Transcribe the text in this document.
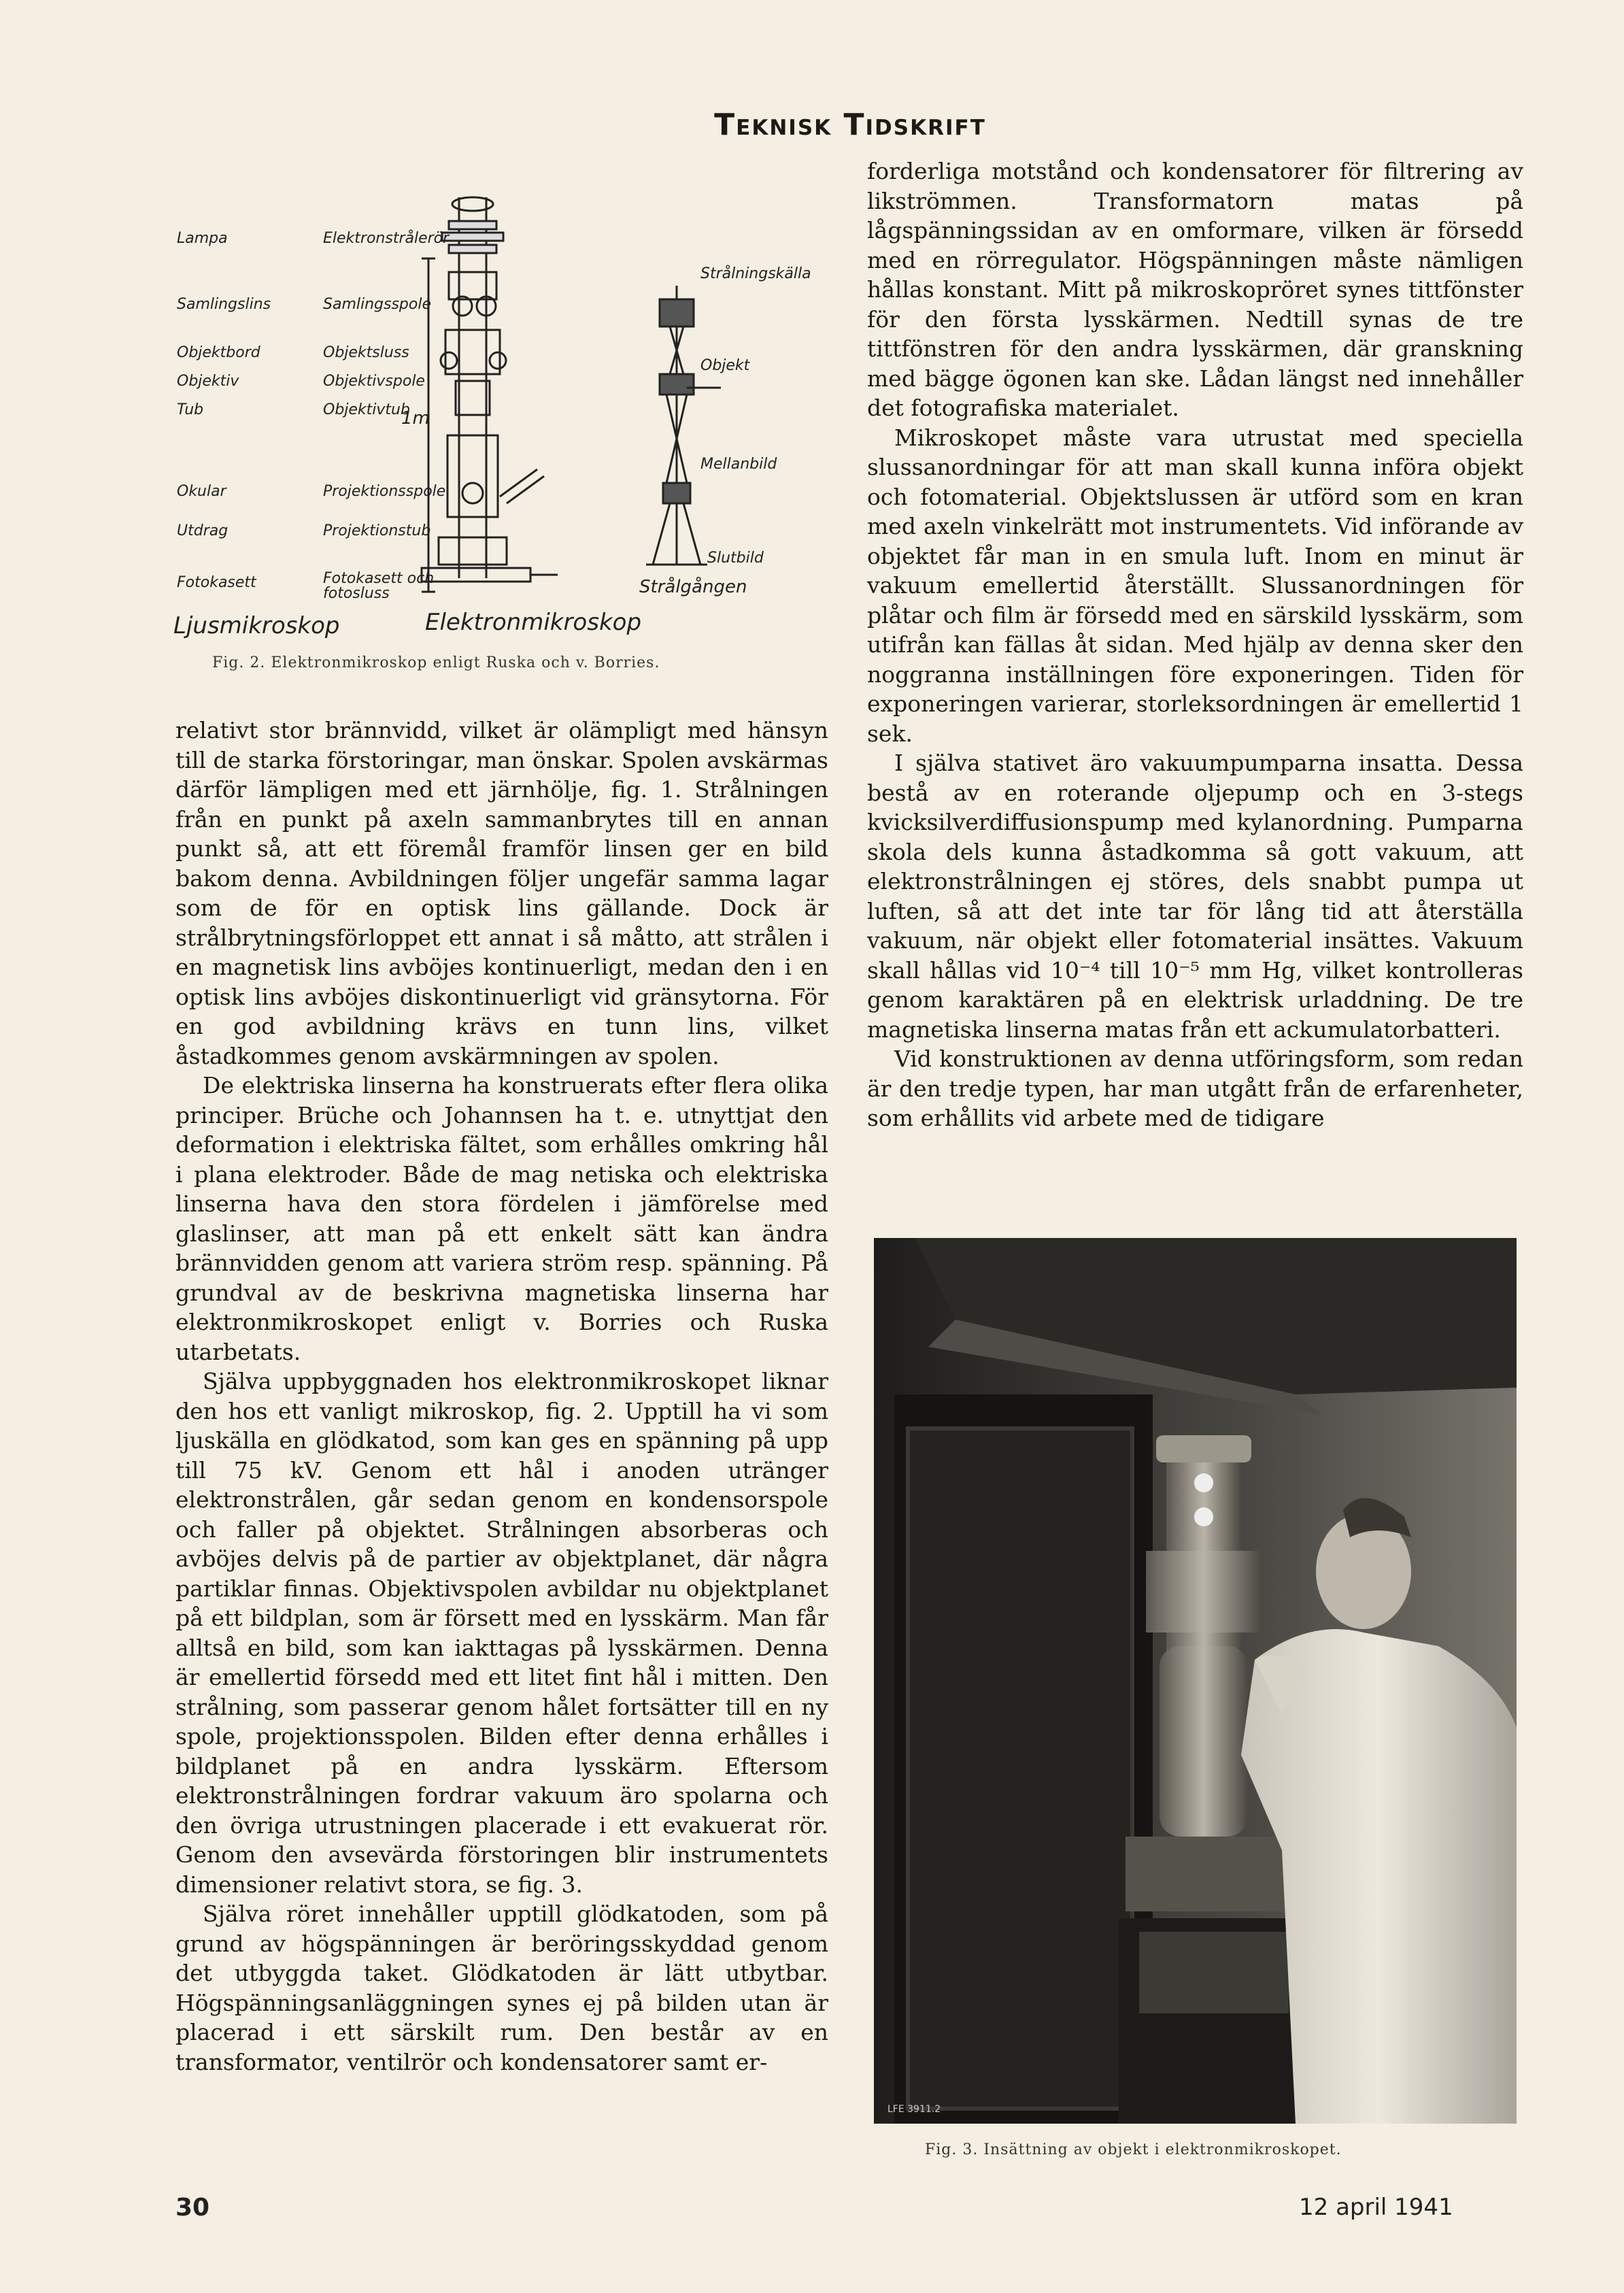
Teknisk Tidskrift
Lampa
Samlingslins
Objektbord
Objektiv
Tub
Okular
Utdrag
Fotokasett
Elektronstrålerör
Samlingsspole
Objektsluss
Objektivspole
Objektivtub
Projektionsspole
Projektionstub
Fotokasett och
fotosluss
1m
Strålningskälla
Objekt
Mellanbild
Slutbild
Strålgången
Ljusmikroskop	Elektronmikroskop
Fig. 2. Elektronmikroskop enligt Ruska och v. Borries.

relativt stor brännvidd, vilket är olämpligt med hänsyn till de starka förstoringar, man önskar. Spolen avskärmas därför lämpligen med ett järnhölje, fig. 1. Strålningen från en punkt på axeln sammanbrytes till en annan punkt så, att ett föremål framför linsen ger en bild bakom denna. Avbildningen följer ungefär samma lagar som de för en optisk lins gällande. Dock är strålbrytningsförloppet ett annat i så måtto, att strålen i en magnetisk lins avböjes kontinuerligt, medan den i en optisk lins avböjes diskontinuerligt vid gränsytorna. För en god avbildning krävs en tunn lins, vilket åstadkommes genom avskärmningen av spolen.

De elektriska linserna ha konstruerats efter flera olika principer. Brüche och Johannsen ha t. e. utnyttjat den deformation i elektriska fältet, som erhålles omkring hål i plana elektroder. Både de mag netiska och elektriska linserna hava den stora fördelen i jämförelse med glaslinser, att man på ett enkelt sätt kan ändra brännvidden genom att variera ström resp. spänning. På grundval av de beskrivna magnetiska linserna har elektronmikroskopet enligt v. Borries och Ruska utarbetats.

Själva uppbyggnaden hos elektronmikroskopet liknar den hos ett vanligt mikroskop, fig. 2. Upptill ha vi som ljuskälla en glödkatod, som kan ges en spänning på upp till 75 kV. Genom ett hål i anoden utränger elektronstrålen, går sedan genom en kondensorspole och faller på objektet. Strålningen absorberas och avböjes delvis på de partier av objektplanet, där några partiklar finnas. Objektivspolen avbildar nu objektplanet på ett bildplan, som är försett med en lysskärm. Man får alltså en bild, som kan iakttagas på lysskärmen. Denna är emellertid försedd med ett litet fint hål i mitten. Den strålning, som passerar genom hålet fortsätter till en ny spole, projektionsspolen. Bilden efter denna erhålles i bildplanet på en andra lysskärm. Eftersom elektronstrålningen fordrar vakuum äro spolarna och den övriga utrustningen placerade i ett evakuerat rör. Genom den avsevärda förstoringen blir instrumentets dimensioner relativt stora, se fig. 3.

Själva röret innehåller upptill glödkatoden, som på grund av högspänningen är beröringsskyddad genom det utbyggda taket. Glödkatoden är lätt utbytbar. Högspänningsanläggningen synes ej på bilden utan är placerad i ett särskilt rum. Den består av en transformator, ventilrör och kondensatorer samt er-

forderliga motstånd och kondensatorer för filtrering av likströmmen. Transformatorn matas på lågspänningssidan av en omformare, vilken är försedd med en rörregulator. Högspänningen måste nämligen hållas konstant. Mitt på mikroskopröret synes tittfönster för den första lysskärmen. Nedtill synas de tre tittfönstren för den andra lysskärmen, där granskning med bägge ögonen kan ske. Lådan längst ned innehåller det fotografiska materialet.

Mikroskopet måste vara utrustat med speciella slussanordningar för att man skall kunna införa objekt och fotomaterial. Objektslussen är utförd som en kran med axeln vinkelrätt mot instrumentets. Vid införande av objektet får man in en smula luft. Inom en minut är vakuum emellertid återställt. Slussanordningen för plåtar och film är försedd med en särskild lysskärm, som utifrån kan fällas åt sidan. Med hjälp av denna sker den noggranna inställningen före exponeringen. Tiden för exponeringen varierar, storleksordningen är emellertid 1 sek.

I själva stativet äro vakuumpumparna insatta. Dessa bestå av en roterande oljepump och en 3-stegs kvicksilverdiffusionspump med kylanordning. Pumparna skola dels kunna åstadkomma så gott vakuum, att elektronstrålningen ej störes, dels snabbt pumpa ut luften, så att det inte tar för lång tid att återställa vakuum, när objekt eller fotomaterial insättes. Vakuum skall hållas vid 10⁻⁴ till 10⁻⁵ mm Hg, vilket kontrolleras genom karaktären på en elektrisk urladdning. De tre magnetiska linserna matas från ett ackumulatorbatteri.

Vid konstruktionen av denna utföringsform, som redan är den tredje typen, har man utgått från de erfarenheter, som erhållits vid arbete med de tidigare

LFE 3911.2
Fig. 3. Insättning av objekt i elektronmikroskopet.
30	12 april 1941
